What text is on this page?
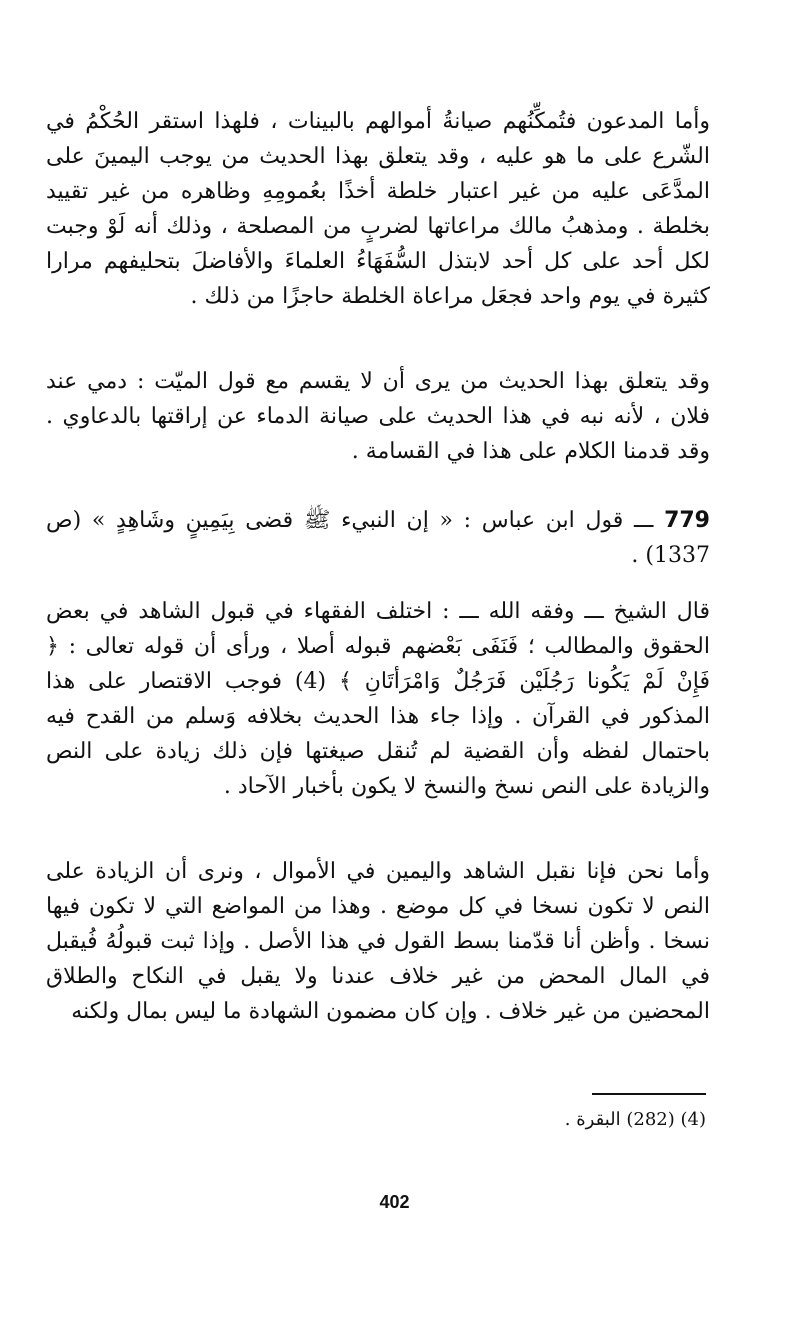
وأما المدعون فتُمكِّنُهم صيانةُ أموالهم بالبينات ، فلهذا استقر الحُكْمُ في الشّرع على ما هو عليه ، وقد يتعلق بهذا الحديث من يوجب اليمينَ على المدَّعَى عليه من غير اعتبار خلطة أخذًا بعُمومِهِ وظاهره من غير تقييد بخلطة . ومذهبُ مالك مراعاتها لضربٍ من المصلحة ، وذلك أنه لَوْ وجبت لكل أحد على كل أحد لابتذل السُّفَهَاءُ العلماءَ والأفاضلَ بتحليفهم مرارا كثيرة في يوم واحد فجعَل مراعاة الخلطة حاجزًا من ذلك .

وقد يتعلق بهذا الحديث من يرى أن لا يقسم مع قول الميّت : دمي عند فلان ، لأنه نبه في هذا الحديث على صيانة الدماء عن إراقتها بالدعاوي . وقد قدمنا الكلام على هذا في القسامة .

779 ـــ قول ابن عباس : « إن النبيء ﷺ قضى بِيَمِينٍ وشَاهِدٍ » (ص 1337) .

قال الشيخ ـــ وفقه الله ـــ : اختلف الفقهاء في قبول الشاهد في بعض الحقوق والمطالب ؛ فَنَفَى بَعْضهم قبوله أصلا ، ورأى أن قوله تعالى : ﴿ فَإِنْ لَمْ يَكُونا رَجُلَيْن فَرَجُلٌ وَامْرَأتَانِ ﴾ (4) فوجب الاقتصار على هذا المذكور في القرآن . وإذا جاء هذا الحديث بخلافه وَسلم من القدح فيه باحتمال لفظه وأن القضية لم تُنقل صيغتها فإن ذلك زيادة على النص والزيادة على النص نسخ والنسخ لا يكون بأخبار الآحاد .

وأما نحن فإنا نقبل الشاهد واليمين في الأموال ، ونرى أن الزيادة على النص لا تكون نسخا في كل موضع . وهذا من المواضع التي لا تكون فيها نسخا . وأظن أنا قدّمنا بسط القول في هذا الأصل . وإذا ثبت قبولُهُ فُيقبل في المال المحض من غير خلاف عندنا ولا يقبل في النكاح والطلاق المحضين من غير خلاف . وإن كان مضمون الشهادة ما ليس بمال ولكنه

(4) (282) البقرة .

402
